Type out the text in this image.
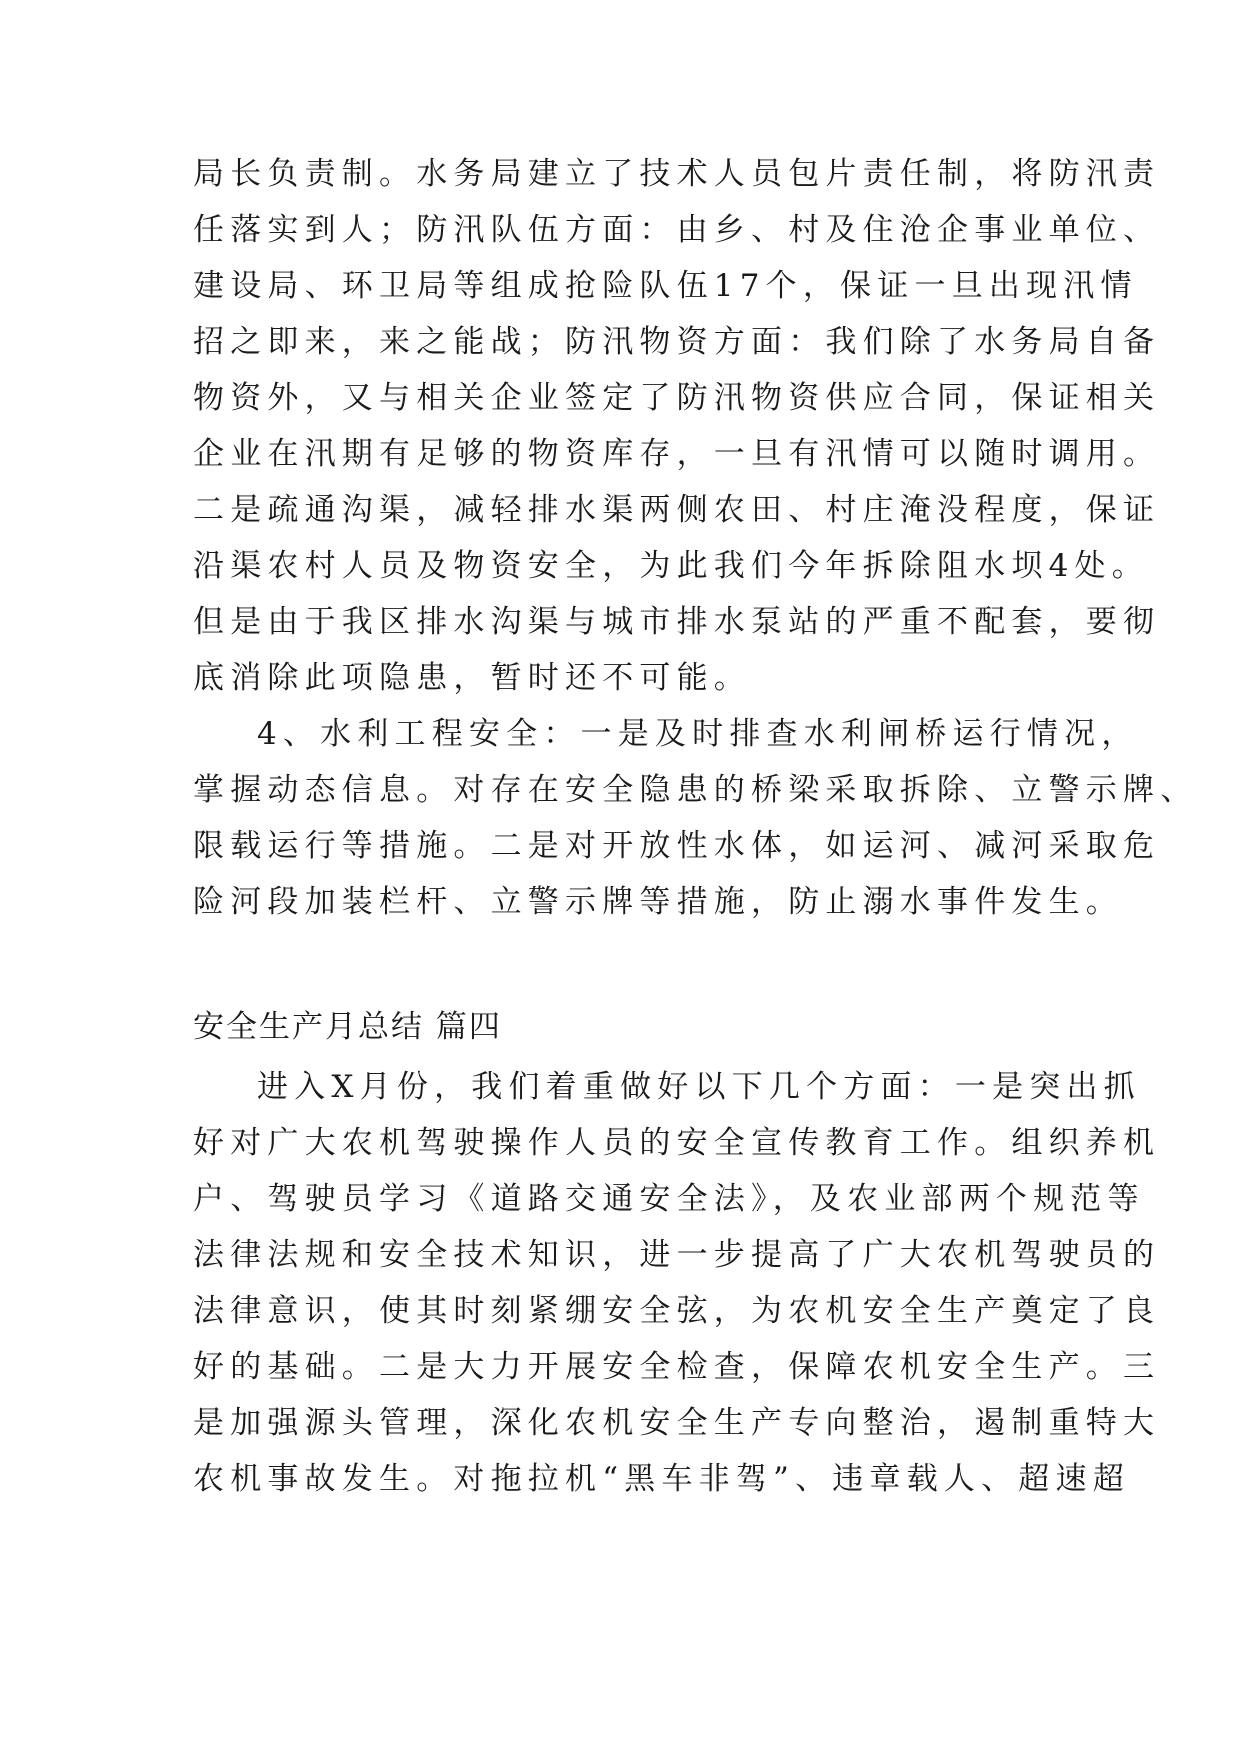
局长负责制。水务局建立了技术人员包片责任制，将防汛责

任落实到人；防汛队伍方面：由乡、村及住沧企事业单位、

建设局、环卫局等组成抢险队伍17个，保证一旦出现汛情

招之即来，来之能战；防汛物资方面：我们除了水务局自备

物资外，又与相关企业签定了防汛物资供应合同，保证相关

企业在汛期有足够的物资库存，一旦有汛情可以随时调用。

二是疏通沟渠，减轻排水渠两侧农田、村庄淹没程度，保证

沿渠农村人员及物资安全，为此我们今年拆除阻水坝4处。

但是由于我区排水沟渠与城市排水泵站的严重不配套，要彻

底消除此项隐患，暂时还不可能。

4、水利工程安全：一是及时排查水利闸桥运行情况，

掌握动态信息。对存在安全隐患的桥梁采取拆除、立警示牌、

限载运行等措施。二是对开放性水体，如运河、减河采取危

险河段加装栏杆、立警示牌等措施，防止溺水事件发生。

安全生产月总结 篇四

进入X月份，我们着重做好以下几个方面：一是突出抓

好对广大农机驾驶操作人员的安全宣传教育工作。组织养机

户、驾驶员学习《道路交通安全法》，及农业部两个规范等

法律法规和安全技术知识，进一步提高了广大农机驾驶员的

法律意识，使其时刻紧绷安全弦，为农机安全生产奠定了良

好的基础。二是大力开展安全检查，保障农机安全生产。三

是加强源头管理，深化农机安全生产专向整治，遏制重特大

农机事故发生。对拖拉机“黑车非驾”、违章载人、超速超
